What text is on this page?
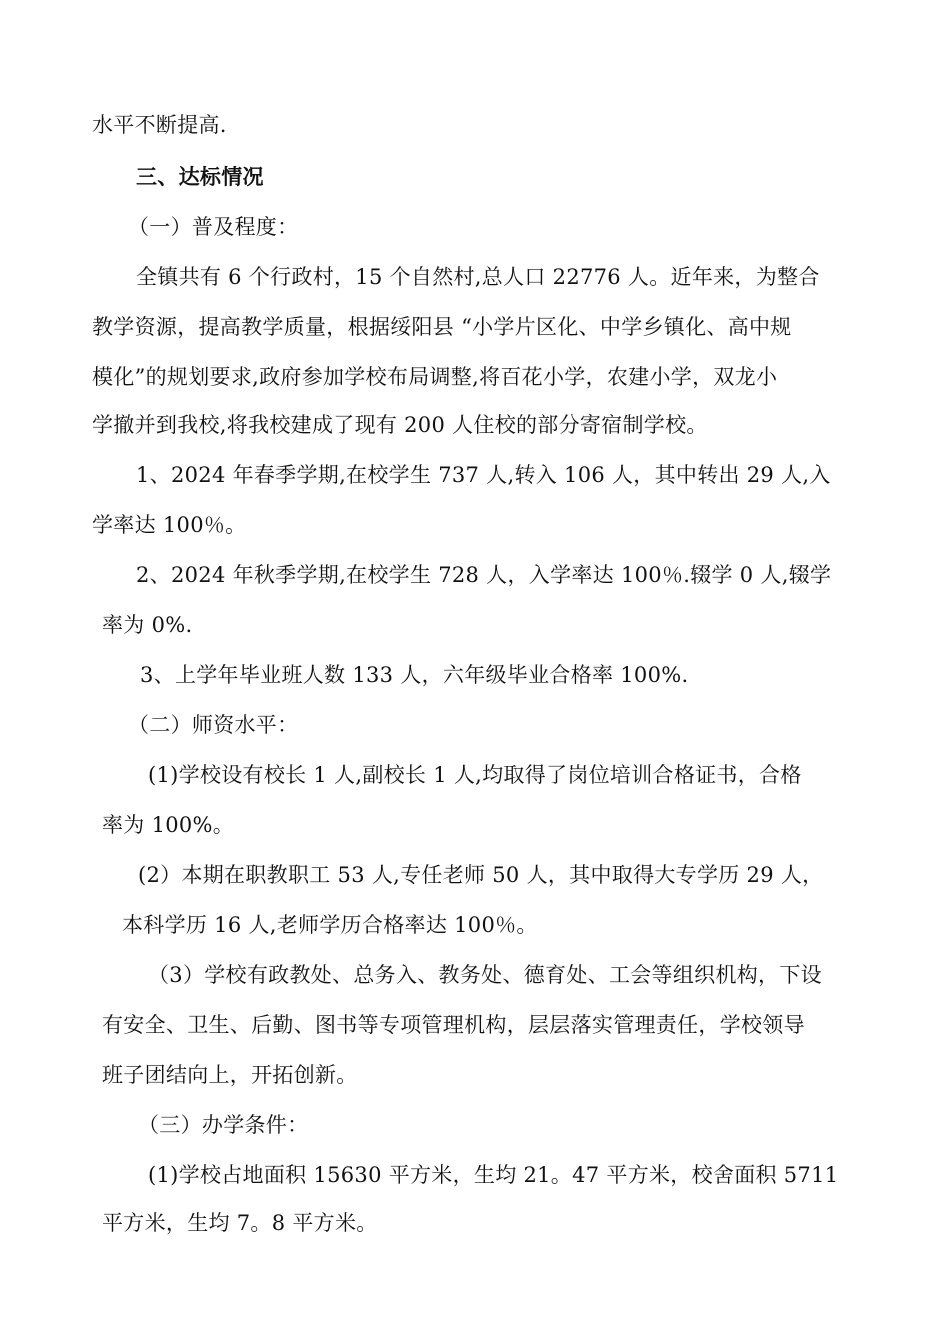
水平不断提高.
三、达标情况
（一）普及程度：
全镇共有 6 个行政村，15 个自然村,总人口 22776 人。近年来，为整合
教学资源，提高教学质量，根据绥阳县 “小学片区化、中学乡镇化、高中规
模化”的规划要求,政府参加学校布局调整,将百花小学，农建小学，双龙小
学撤并到我校,将我校建成了现有 200 人住校的部分寄宿制学校。
1、2024 年春季学期,在校学生 737 人,转入 106 人，其中转出 29 人,入
学率达 100％。
2、2024 年秋季学期,在校学生 728 人，入学率达 100％.辍学 0 人,辍学
率为 0%.
3、上学年毕业班人数 133 人，六年级毕业合格率 100%.
（二）师资水平：
(1)学校设有校长 1 人,副校长 1 人,均取得了岗位培训合格证书，合格
率为 100%。
(2）本期在职教职工 53 人,专任老师 50 人，其中取得大专学历 29 人，
本科学历 16 人,老师学历合格率达 100％。
（3）学校有政教处、总务入、教务处、德育处、工会等组织机构，下设
有安全、卫生、后勤、图书等专项管理机构，层层落实管理责任，学校领导
班子团结向上，开拓创新。
（三）办学条件：
(1)学校占地面积 15630 平方米，生均 21。47 平方米，校舍面积 5711
平方米，生均 7。8 平方米。
